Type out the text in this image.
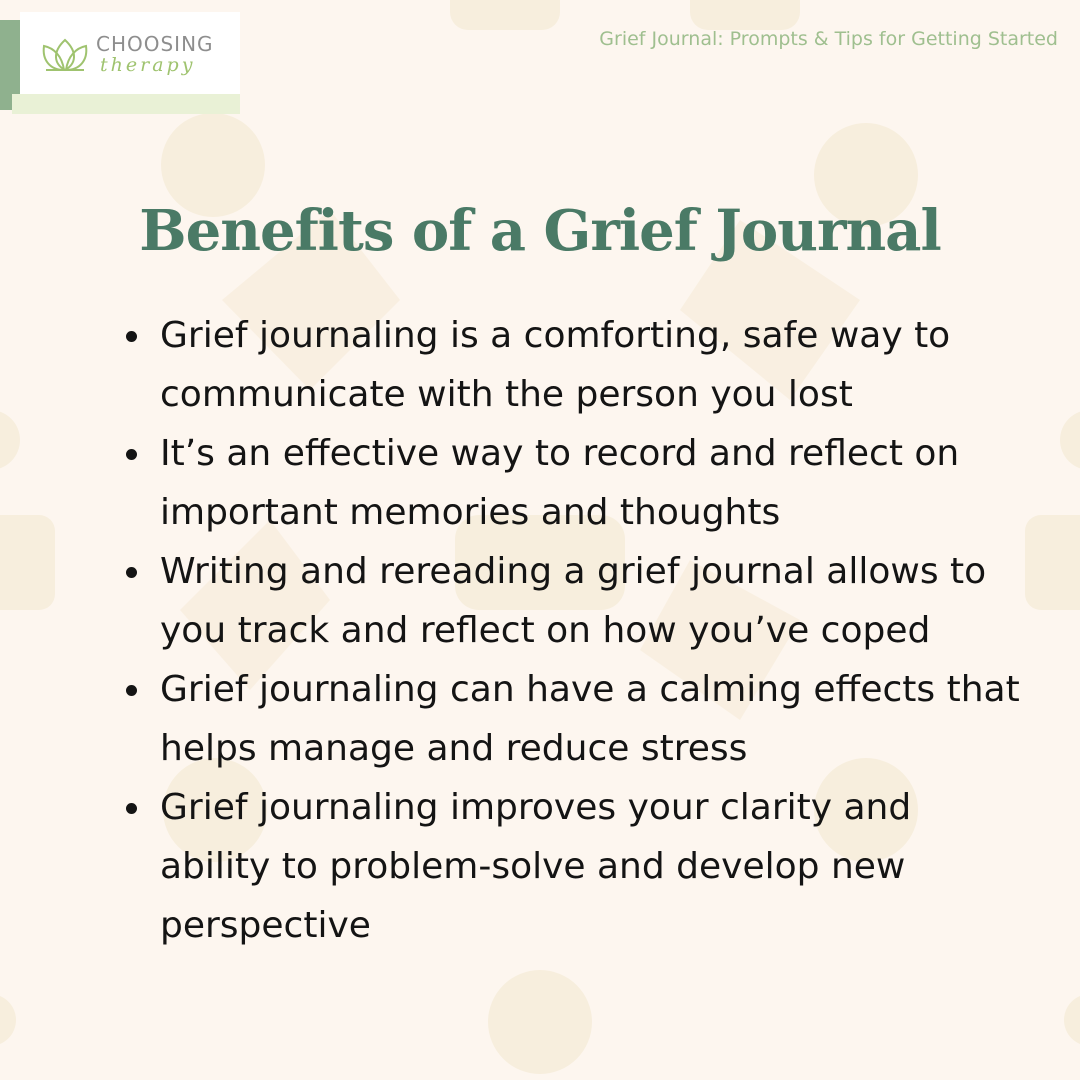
CHOOSING
therapy
Grief Journal: Prompts & Tips for Getting Started
Benefits of a Grief Journal
Grief journaling is a comforting, safe way to communicate with the person you lost
It’s an effective way to record and reflect on important memories and thoughts
Writing and rereading a grief journal allows to you track and reflect on how you’ve coped
Grief journaling can have a calming effects that helps manage and reduce stress
Grief journaling improves your clarity and ability to problem-solve and develop new perspective
